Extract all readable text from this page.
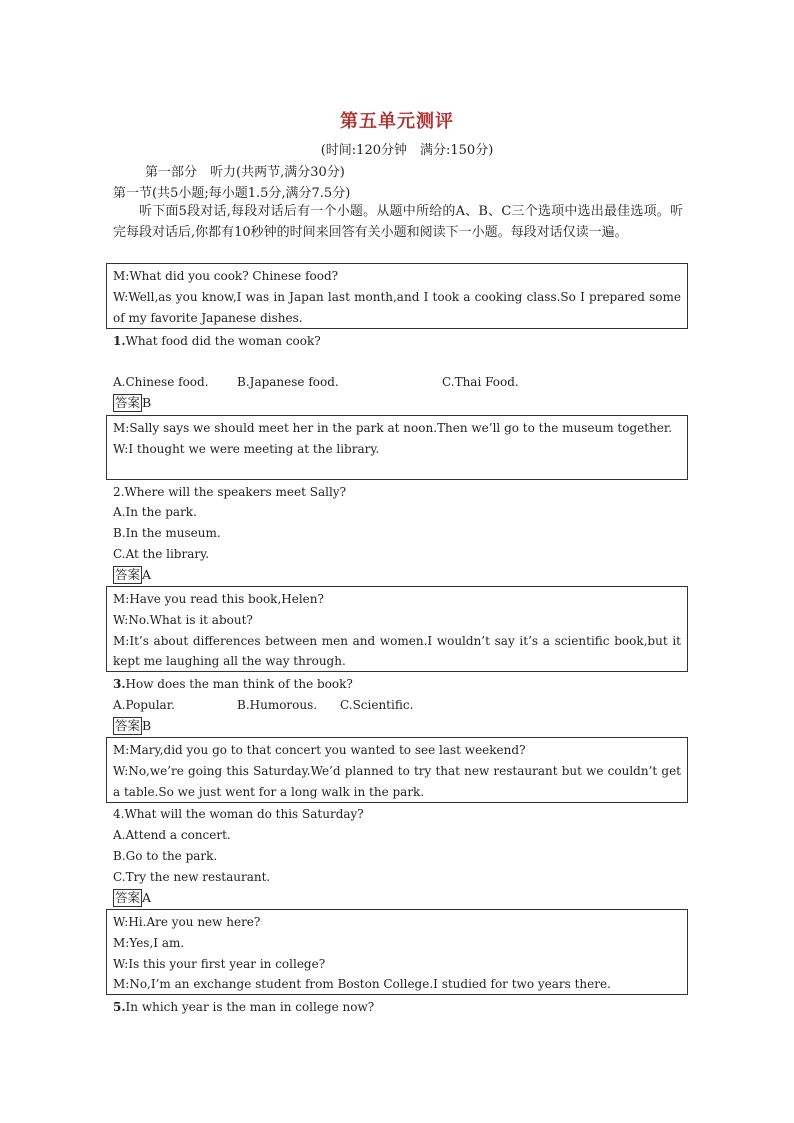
第五单元测评
(时间:120分钟　满分:150分)
第一部分　听力(共两节,满分30分)
第一节(共5小题;每小题1.5分,满分7.5分)
听下面5段对话,每段对话后有一个小题。从题中所给的A、B、C三个选项中选出最佳选项。听完每段对话后,你都有10秒钟的时间来回答有关小题和阅读下一小题。每段对话仅读一遍。
M:What did you cook? Chinese food?
W:Well,as you know,I was in Japan last month,and I took a cooking class.So I prepared some of my favorite Japanese dishes.
1.What food did the woman cook?
A.Chinese food. B.Japanese food.	C.Thai Food.
答案 B
M:Sally says we should meet her in the park at noon.Then we’ll go to the museum together.
W:I thought we were meeting at the library.
2.Where will the speakers meet Sally?
A.In the park.
B.In the museum.
C.At the library.
答案 A
M:Have you read this book,Helen?
W:No.What is it about?
M:It’s about differences between men and women.I wouldn’t say it’s a scientific book,but it kept me laughing all the way through.
3.How does the man think of the book?
A.Popular.	B.Humorous. C.Scientific.
答案 B
M:Mary,did you go to that concert you wanted to see last weekend?
W:No,we’re going this Saturday.We’d planned to try that new restaurant but we couldn’t get a table.So we just went for a long walk in the park.
4.What will the woman do this Saturday?
A.Attend a concert.
B.Go to the park.
C.Try the new restaurant.
答案 A
W:Hi.Are you new here?
M:Yes,I am.
W:Is this your first year in college?
M:No,I’m an exchange student from Boston College.I studied for two years there.
5.In which year is the man in college now?
